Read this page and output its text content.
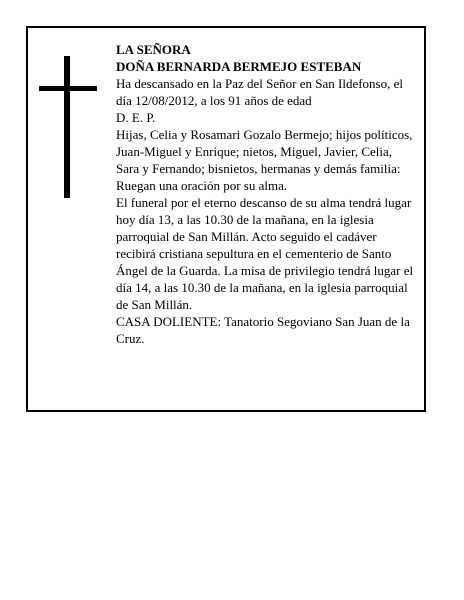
LA SEÑORA

DOÑA BERNARDA BERMEJO ESTEBAN

Ha descansado en la Paz del Señor en San Ildefonso, el día 12/08/2012, a los 91 años de edad

D. E. P.

Hijas, Celia y Rosamari Gozalo Bermejo; hijos políticos, Juan-Miguel y Enrique; nietos, Miguel, Javier, Celia, Sara y Fernando; bisnietos, hermanas y demás familia:

Ruegan una oración por su alma.

El funeral por el eterno descanso de su alma tendrá lugar hoy día 13, a las 10.30 de la mañana, en la iglesia parroquial de San Millán. Acto seguido el cadáver recibirá cristiana sepultura en el cementerio de Santo Ángel de la Guarda. La misa de privilegio tendrá lugar el día 14, a las 10.30 de la mañana, en la iglesia parroquial de San Millán.

CASA DOLIENTE: Tanatorio Segoviano San Juan de la Cruz.
